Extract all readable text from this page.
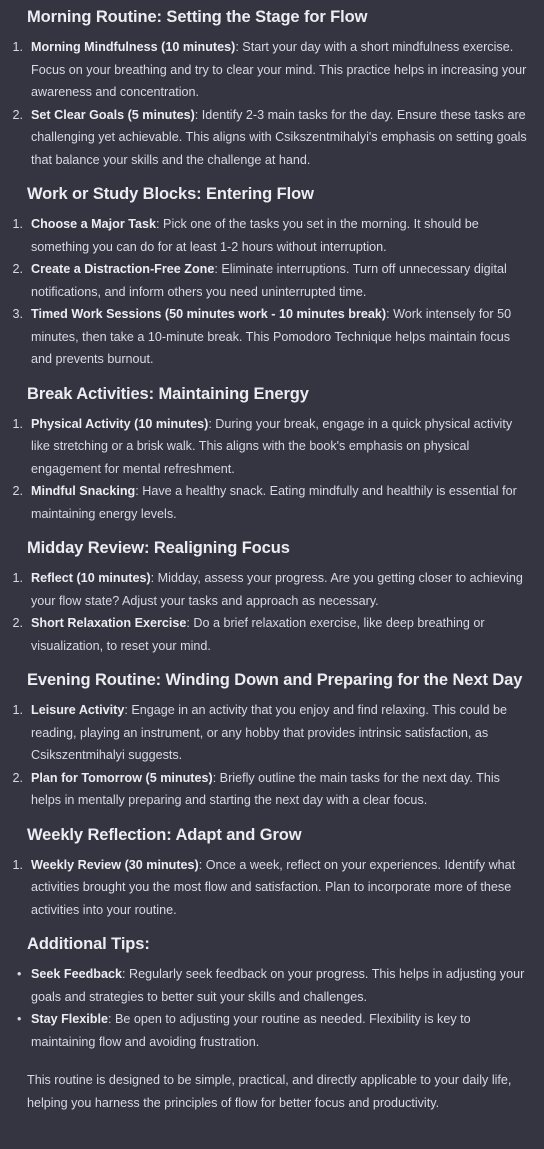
Morning Routine: Setting the Stage for Flow
1. Morning Mindfulness (10 minutes): Start your day with a short mindfulness exercise. Focus on your breathing and try to clear your mind. This practice helps in increasing your awareness and concentration.
2. Set Clear Goals (5 minutes): Identify 2-3 main tasks for the day. Ensure these tasks are challenging yet achievable. This aligns with Csikszentmihalyi's emphasis on setting goals that balance your skills and the challenge at hand.
Work or Study Blocks: Entering Flow
1. Choose a Major Task: Pick one of the tasks you set in the morning. It should be something you can do for at least 1-2 hours without interruption.
2. Create a Distraction-Free Zone: Eliminate interruptions. Turn off unnecessary digital notifications, and inform others you need uninterrupted time.
3. Timed Work Sessions (50 minutes work - 10 minutes break): Work intensely for 50 minutes, then take a 10-minute break. This Pomodoro Technique helps maintain focus and prevents burnout.
Break Activities: Maintaining Energy
1. Physical Activity (10 minutes): During your break, engage in a quick physical activity like stretching or a brisk walk. This aligns with the book's emphasis on physical engagement for mental refreshment.
2. Mindful Snacking: Have a healthy snack. Eating mindfully and healthily is essential for maintaining energy levels.
Midday Review: Realigning Focus
1. Reflect (10 minutes): Midday, assess your progress. Are you getting closer to achieving your flow state? Adjust your tasks and approach as necessary.
2. Short Relaxation Exercise: Do a brief relaxation exercise, like deep breathing or visualization, to reset your mind.
Evening Routine: Winding Down and Preparing for the Next Day
1. Leisure Activity: Engage in an activity that you enjoy and find relaxing. This could be reading, playing an instrument, or any hobby that provides intrinsic satisfaction, as Csikszentmihalyi suggests.
2. Plan for Tomorrow (5 minutes): Briefly outline the main tasks for the next day. This helps in mentally preparing and starting the next day with a clear focus.
Weekly Reflection: Adapt and Grow
1. Weekly Review (30 minutes): Once a week, reflect on your experiences. Identify what activities brought you the most flow and satisfaction. Plan to incorporate more of these activities into your routine.
Additional Tips:
• Seek Feedback: Regularly seek feedback on your progress. This helps in adjusting your goals and strategies to better suit your skills and challenges.
• Stay Flexible: Be open to adjusting your routine as needed. Flexibility is key to maintaining flow and avoiding frustration.

This routine is designed to be simple, practical, and directly applicable to your daily life, helping you harness the principles of flow for better focus and productivity.
